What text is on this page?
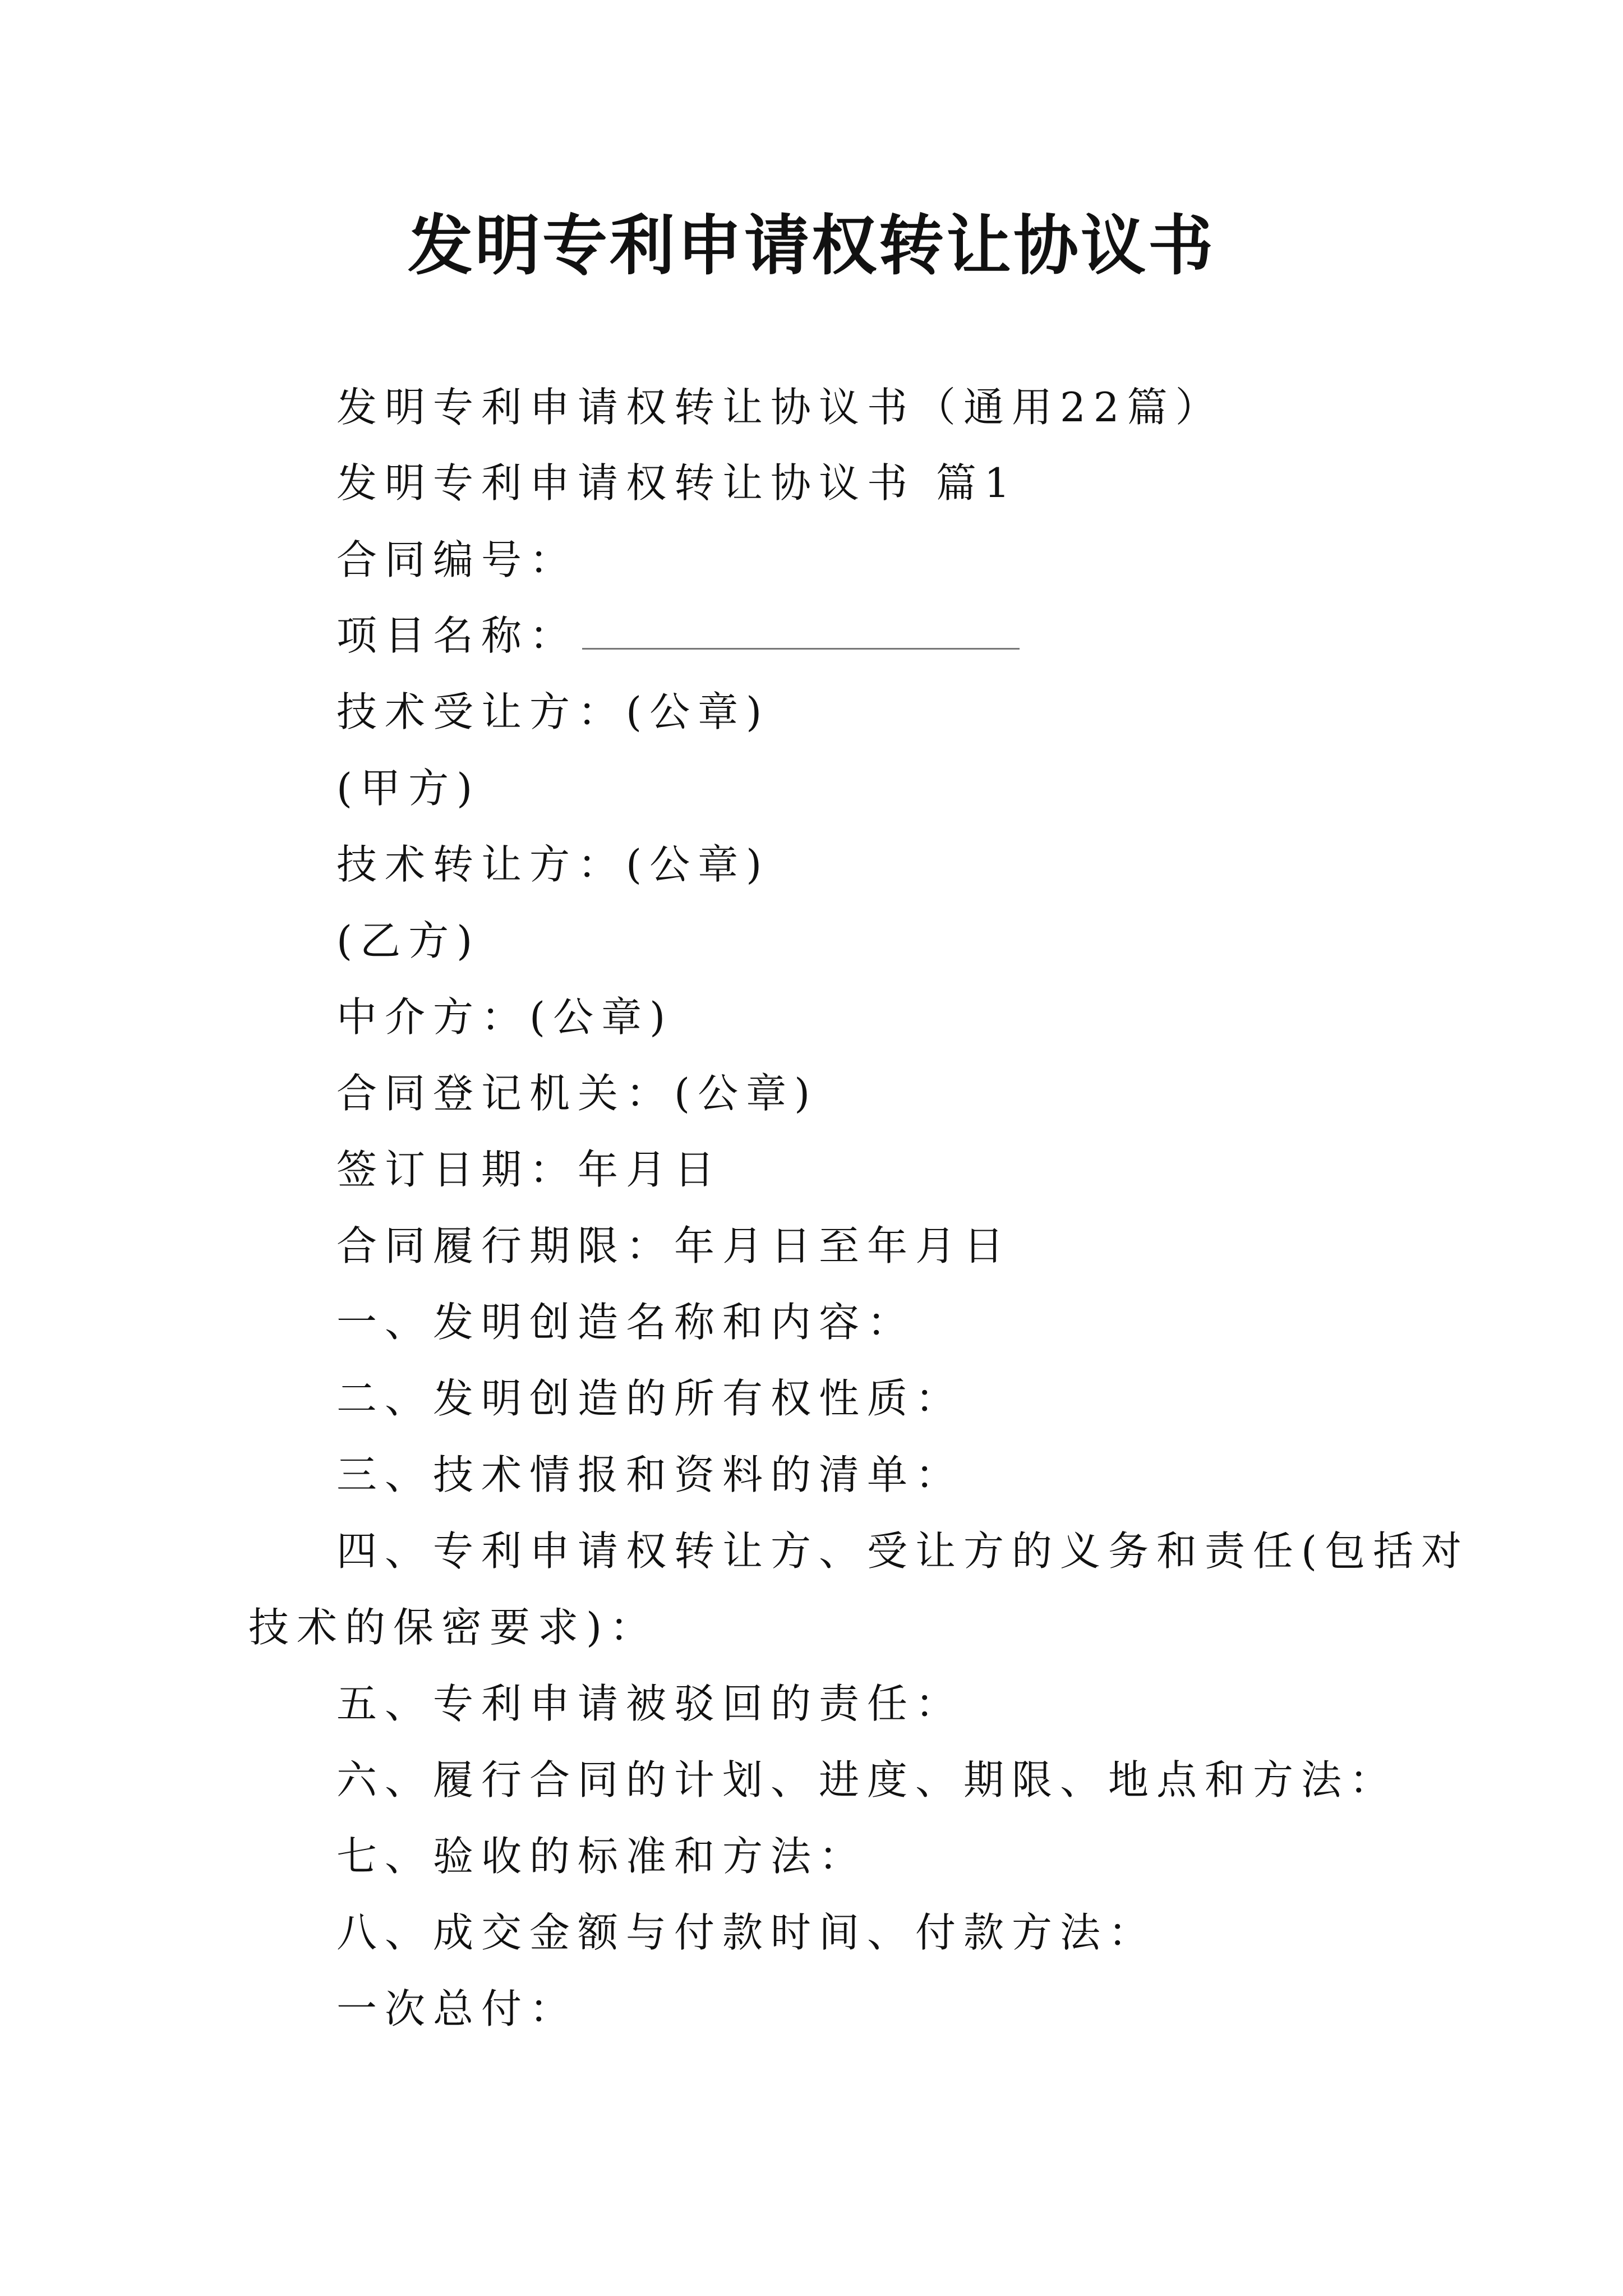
发明专利申请权转让协议书

发明专利申请权转让协议书（通用22篇）

发明专利申请权转让协议书 篇1

合同编号：

项目名称：

技术受让方：(公章)

(甲方)

技术转让方：(公章)

(乙方)

中介方：(公章)

合同登记机关：(公章)

签订日期：年月日

合同履行期限：年月日至年月日

一、发明创造名称和内容：

二、发明创造的所有权性质：

三、技术情报和资料的清单：

四、专利申请权转让方、受让方的义务和责任(包括对

技术的保密要求)：

五、专利申请被驳回的责任：

六、履行合同的计划、进度、期限、地点和方法：

七、验收的标准和方法：

八、成交金额与付款时间、付款方法：

一次总付：
